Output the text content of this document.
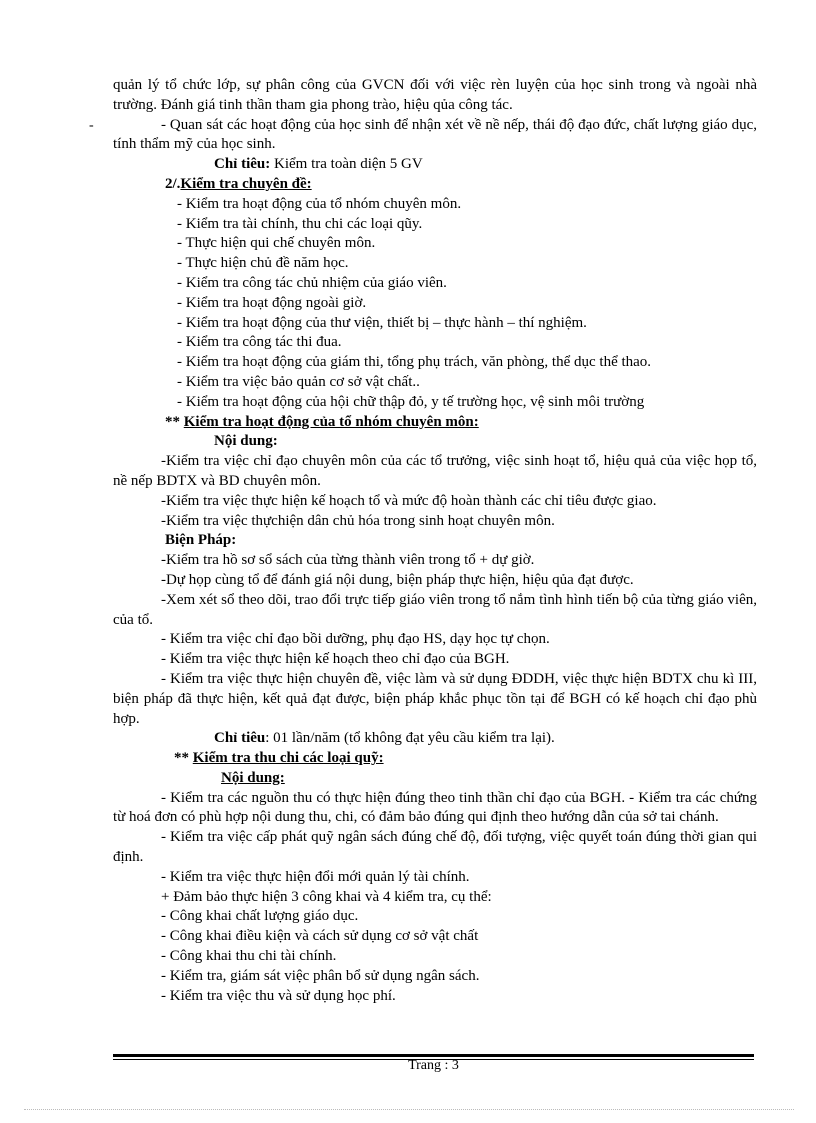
-

quản lý tổ chức lớp, sự phân công của GVCN đối với việc rèn luyện của học sinh trong và ngoài nhà trường. Đánh giá tinh thần tham gia phong trào, hiệu qủa công tác.

- Quan sát các hoạt động của học sinh để nhận xét về nề nếp, thái độ đạo đức, chất lượng giáo dục, tính thẩm mỹ của học sinh.

Chỉ tiêu: Kiểm tra toàn diện 5 GV

2/.Kiểm tra chuyên đề:

- Kiểm tra hoạt động của tổ nhóm chuyên môn.

- Kiểm tra tài chính, thu chi các loại qũy.

- Thực hiện qui chế chuyên môn.

- Thực hiện chủ đề năm học.

- Kiểm tra công tác chủ nhiệm của giáo viên.

- Kiểm tra hoạt động ngoài giờ.

- Kiểm tra hoạt động của thư viện, thiết bị – thực hành – thí nghiệm.

- Kiểm tra công tác thi đua.

- Kiểm tra hoạt động của giám thi, tổng phụ trách, văn phòng, thể dục thể thao.

- Kiểm tra việc bảo quản cơ sở vật chất..

- Kiểm tra hoạt động của hội chữ thập đỏ, y tế trường học, vệ sinh môi trường

** Kiểm tra hoạt động của tổ nhóm chuyên môn:

Nội dung:

-Kiểm tra việc chỉ đạo chuyên môn của các tổ trưởng, việc sinh hoạt tổ, hiệu quả của việc họp tổ, nề nếp BDTX và BD chuyên môn.

-Kiểm tra việc thực hiện kế hoạch tổ và mức độ hoàn thành các chỉ tiêu được giao.

-Kiểm tra việc thựchiện dân chủ hóa trong sinh hoạt chuyên môn.

Biện Pháp:

-Kiểm tra hồ sơ sổ sách của từng thành viên trong tổ + dự giờ.

-Dự họp cùng tổ để đánh giá nội dung, biện pháp thực hiện, hiệu qủa đạt được.

-Xem xét sổ theo dõi, trao đổi trực tiếp giáo viên trong tổ nắm tình hình tiến bộ của từng giáo viên, của tổ.

- Kiểm tra việc chỉ đạo bồi dưỡng, phụ đạo HS, dạy học tự chọn.

- Kiểm tra việc thực hiện kế hoạch theo chỉ đạo của BGH.

- Kiểm tra việc thực hiện chuyên đề, việc làm và sử dụng ĐDDH, việc thực hiện BDTX chu kì III, biện pháp đã thực hiện, kết quả đạt được, biện pháp khắc phục tồn tại để BGH có kế hoạch chỉ đạo phù hợp.

Chỉ tiêu: 01 lần/năm (tổ không đạt yêu cầu kiểm tra lại).

** Kiểm tra thu chi các loại quỹ:

Nội dung:

- Kiểm tra các nguồn thu có thực hiện đúng theo tinh thần chỉ đạo của BGH. - Kiểm tra các chứng từ hoá đơn có phù hợp nội dung thu, chi, có đảm bảo đúng qui định theo hướng dẫn của sở tai chánh.

- Kiểm tra việc cấp phát quỹ ngân sách đúng chế độ, đối tượng, việc quyết toán đúng thời gian qui định.

- Kiểm tra việc thực hiện đổi mới quản lý tài chính.

+ Đảm bảo thực hiện 3 công khai và 4 kiểm tra, cụ thể:

- Công khai chất lượng giáo dục.

- Công khai điều kiện và cách sử dụng cơ sở vật chất

- Công khai thu chi tài chính.

- Kiểm tra, giám sát việc phân bổ sử dụng ngân sách.

- Kiểm tra việc thu và sử dụng học phí.

Trang : 3
